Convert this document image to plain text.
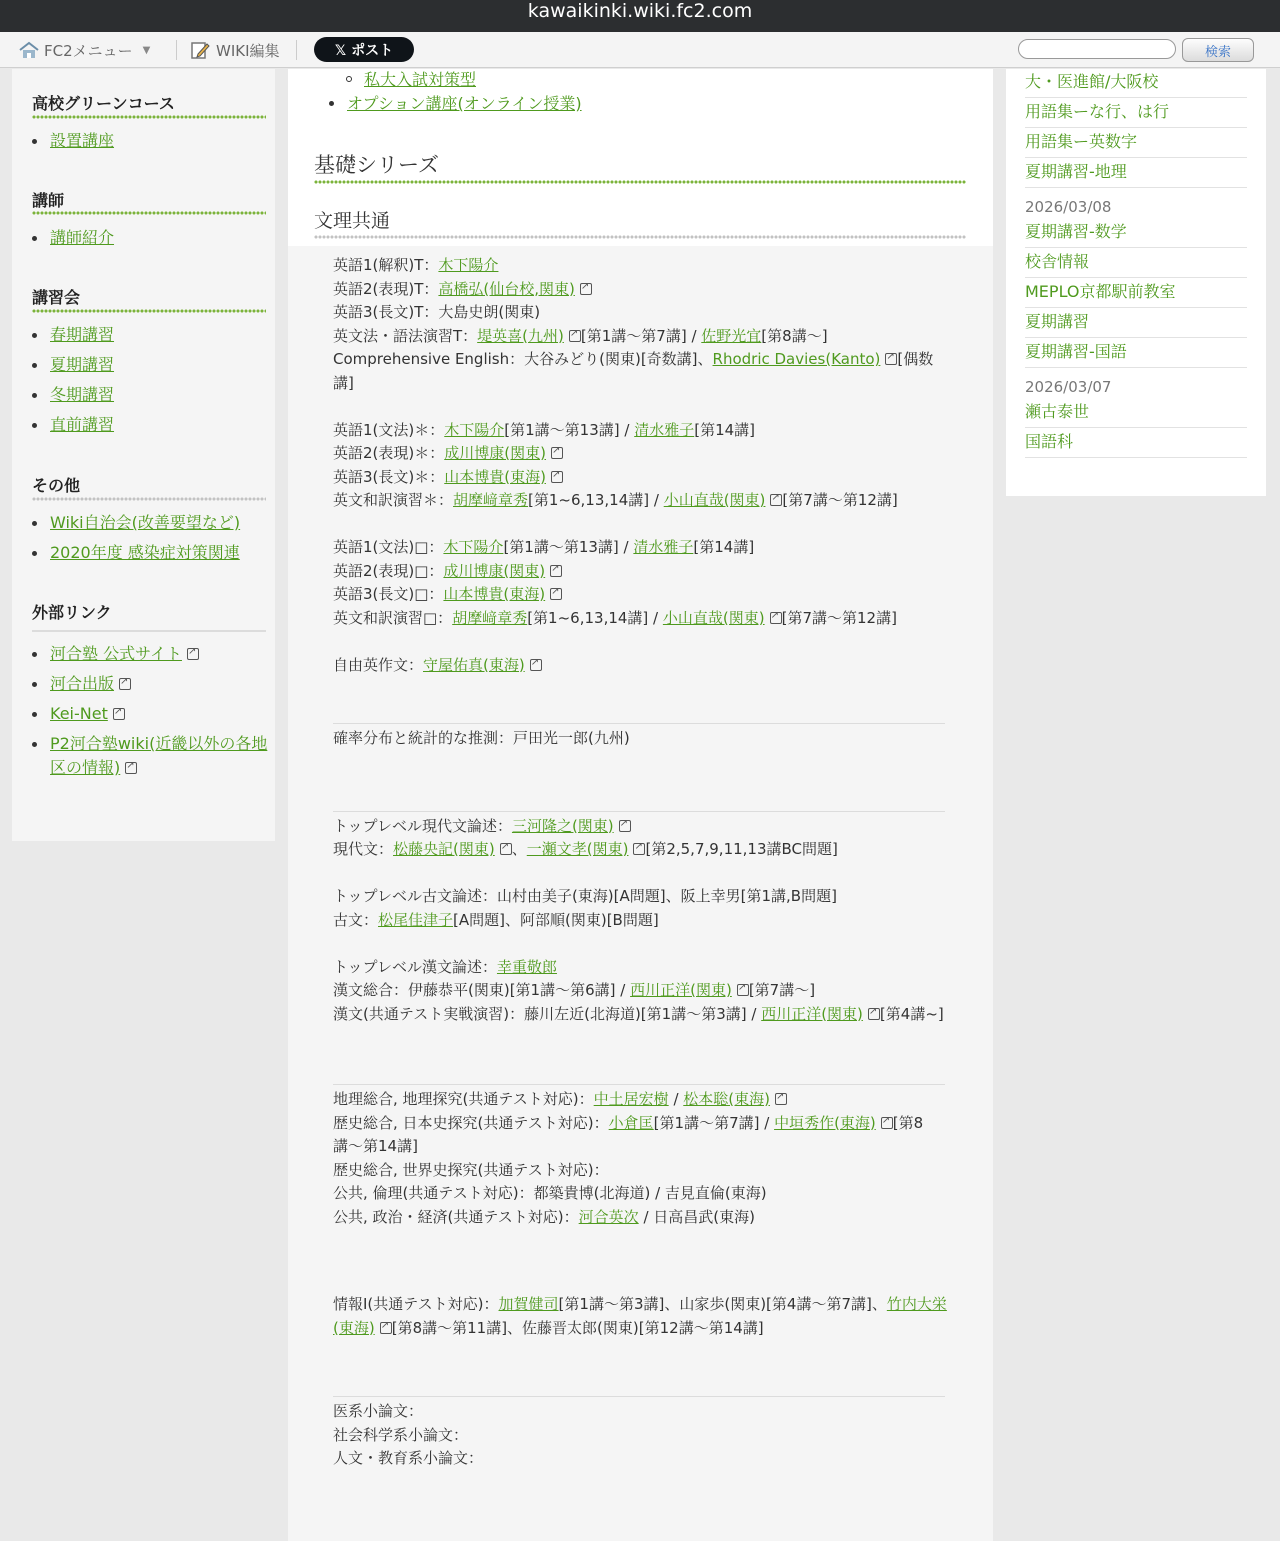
kawaikinki.wiki.fc2.com
FC2メニュー ▼	WIKI編集	𝕏 ポスト	検索
高校グリーンコース
設置講座
講師
講師紹介
講習会
春期講習
夏期講習
冬期講習
直前講習
その他
Wiki自治会(改善要望など)
2020年度 感染症対策関連
外部リンク
河合塾 公式サイト↗
河合出版↗
Kei-Net↗
P2河合塾wiki(近畿以外の各地区の情報)↗
私大入試対策型
オプション講座(オンライン授業)
基礎シリーズ
文理共通
英語1(解釈)T：木下陽介
英語2(表現)T：高橋弘(仙台校,関東)↗
英語3(長文)T：大島史朗(関東)
英文法・語法演習T：堤英喜(九州) ↗ [第1講〜第7講] / 佐野光宜[第8講〜]
Comprehensive English：大谷みどり(関東)[奇数講]、Rhodric Davies(Kanto) ↗ [偶数講]
英語1(文法)＊：木下陽介[第1講〜第13講] / 清水雅子[第14講]
英語2(表現)＊：成川博康(関東)↗
英語3(長文)＊：山本博貴(東海)↗
英文和訳演習＊：胡摩﨑章秀[第1~6,13,14講] / 小山直哉(関東) ↗ [第7講〜第12講]
英語1(文法)□：木下陽介[第1講〜第13講] / 清水雅子[第14講]
英語2(表現)□：成川博康(関東)↗
英語3(長文)□：山本博貴(東海)↗
英文和訳演習□：胡摩﨑章秀[第1~6,13,14講] / 小山直哉(関東) ↗ [第7講〜第12講]
自由英作文：守屋佑真(東海)↗
確率分布と統計的な推測：戸田光一郎(九州)
トップレベル現代文論述：三河隆之(関東)↗
現代文：松藤央記(関東) ↗ 、一瀬文孝(関東) ↗ [第2,5,7,9,11,13講BC問題]
トップレベル古文論述：山村由美子(東海)[A問題]、阪上幸男[第1講,B問題]
古文：松尾佳津子[A問題]、阿部順(関東)[B問題]
トップレベル漢文論述：幸重敬郎
漢文総合：伊藤恭平(関東)[第1講〜第6講] / 西川正洋(関東) ↗ [第7講〜]
漢文(共通テスト実戦演習)：藤川左近(北海道)[第1講〜第3講] / 西川正洋(関東) ↗ [第4講~]
地理総合, 地理探究(共通テスト対応)：中土居宏樹 / 松本聡(東海)↗
歴史総合, 日本史探究(共通テスト対応)：小倉匡[第1講〜第7講] / 中垣秀作(東海) ↗ [第8講〜第14講]
歴史総合, 世界史探究(共通テスト対応)：
公共, 倫理(共通テスト対応)：都築貴博(北海道) / 吉見直倫(東海)
公共, 政治・経済(共通テスト対応)：河合英次 / 日高昌武(東海)
情報Ⅰ(共通テスト対応)：加賀健司[第1講〜第3講]、山家歩(関東)[第4講〜第7講]、竹内大栄(東海) ↗ [第8講〜第11講]、佐藤晋太郎(関東)[第12講〜第14講]
医系小論文：
社会科学系小論文：
人文・教育系小論文：
大・医進館/大阪校
用語集ーな行、は行
用語集ー英数字
夏期講習-地理
2026/03/08
夏期講習-数学
校舎情報
MEPLO京都駅前教室
夏期講習
夏期講習-国語
2026/03/07
瀬古泰世
国語科
